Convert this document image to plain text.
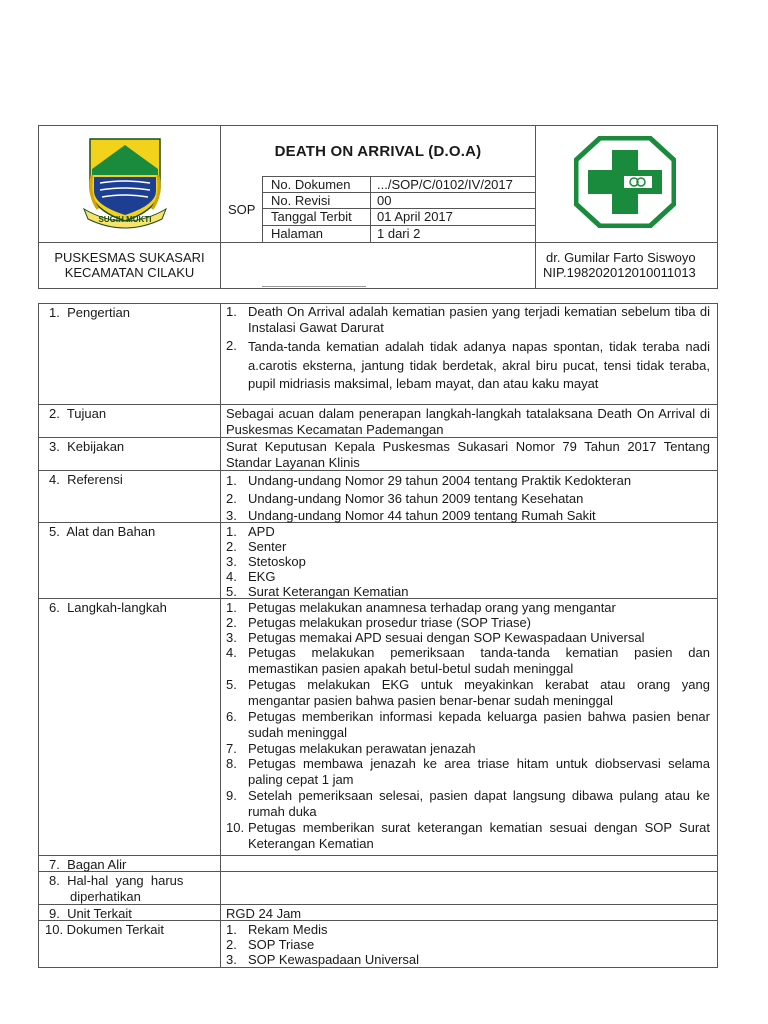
SUGIH MUKTI
DEATH ON ARRIVAL (D.O.A)
SOP
No. Dokumen .../SOP/C/0102/IV/2017
No. Revisi	00
Tanggal Terbit 01 April 2017
Halaman	1 dari 2
PUSKESMAS SUKASARI
KECAMATAN CILAKU
dr. Gumilar Farto Siswoyo
NIP.198202012010011013
1.  Pengertian	1. Death On Arrival adalah kematian pasien yang terjadi kematian sebelum tiba di Instalasi Gawat Darurat
2. Tanda-tanda kematian adalah tidak adanya napas spontan, tidak teraba nadi a.carotis eksterna, jantung tidak berdetak, akral biru pucat, tensi tidak teraba, pupil midriasis maksimal, lebam mayat, dan atau kaku mayat
2.  Tujuan	Sebagai acuan dalam penerapan langkah-langkah tatalaksana Death On Arrival di Puskesmas Kecamatan Pademangan
3.  Kebijakan	Surat Keputusan Kepala Puskesmas Sukasari Nomor 79 Tahun 2017 Tentang Standar Layanan Klinis
4.  Referensi	1. Undang-undang Nomor 29 tahun 2004 tentang Praktik Kedokteran
2. Undang-undang Nomor 36 tahun 2009 tentang Kesehatan
3. Undang-undang Nomor 44 tahun 2009 tentang Rumah Sakit
5.  Alat dan Bahan	1. APD
2. Senter
3. Stetoskop
4. EKG
5. Surat Keterangan Kematian
6.  Langkah-langkah	1. Petugas melakukan anamnesa terhadap orang yang mengantar
2. Petugas melakukan prosedur triase (SOP Triase)
3. Petugas memakai APD sesuai dengan SOP Kewaspadaan Universal
4. Petugas melakukan pemeriksaan tanda-tanda kematian pasien dan memastikan pasien apakah betul-betul sudah meninggal
5. Petugas melakukan EKG untuk meyakinkan kerabat atau orang yang mengantar pasien bahwa pasien benar-benar sudah meninggal
6. Petugas memberikan informasi kepada keluarga pasien bahwa pasien benar sudah meninggal
7. Petugas melakukan perawatan jenazah
8. Petugas membawa jenazah ke area triase hitam untuk diobservasi selama paling cepat 1 jam
9. Setelah pemeriksaan selesai, pasien dapat langsung dibawa pulang atau ke rumah duka
10. Petugas memberikan surat keterangan kematian sesuai dengan SOP Surat Keterangan Kematian
7.  Bagan Alir
8.  Hal-hal  yang  harus
diperhatikan
9.  Unit Terkait	RGD 24 Jam
10. Dokumen Terkait	1. Rekam Medis
2. SOP Triase
3. SOP Kewaspadaan Universal
